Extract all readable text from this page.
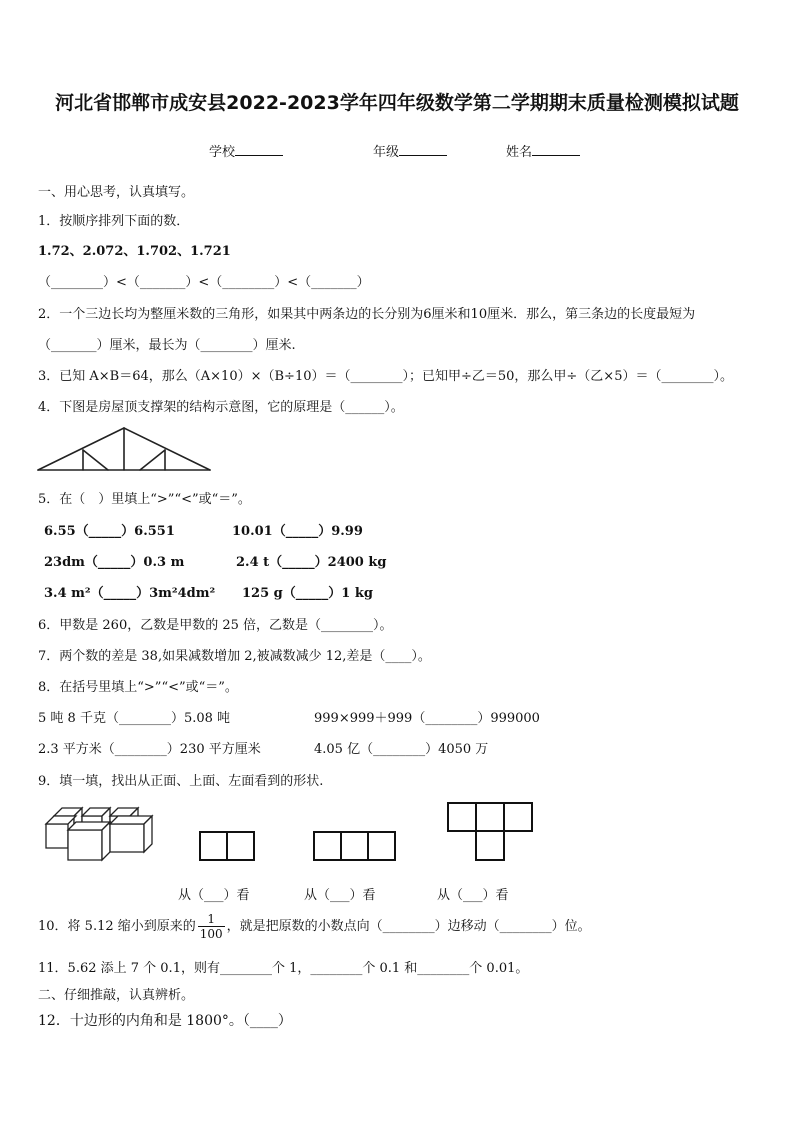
河北省邯郸市成安县2022-2023学年四年级数学第二学期期末质量检测模拟试题
学校	年级	姓名
一、用心思考，认真填写。
1．按顺序排列下面的数．
1.72、2.072、1.702、1.721
（________）<（_______）<（________）<（_______）
2．一个三边长均为整厘米数的三角形，如果其中两条边的长分别为6厘米和10厘米．那么，第三条边的长度最短为
（_______）厘米，最长为（________）厘米.
3．已知 A×B＝64，那么（A×10）×（B÷10）＝（________）；已知甲÷乙＝50，那么甲÷（乙×5）＝（________）。
4．下图是房屋顶支撑架的结构示意图，它的原理是（______）。
5．在（　）里填上“>”“<”或“＝”。
6.55（_____）6.551	10.01（_____）9.99
23dm（_____）0.3 m	2.4 t（_____）2400 kg
3.4 m²（_____）3m²4dm² 125 g（_____）1 kg
6．甲数是 260，乙数是甲数的 25 倍，乙数是（________）。
7．两个数的差是 38,如果减数增加 2,被减数减少 12,差是（____）。
8．在括号里填上“>”“<”或“＝”。
5 吨 8 千克（________）5.08 吨	999×999＋999（________）999000
2.3 平方米（________）230 平方厘米	4.05 亿（________）4050 万
9．填一填，找出从正面、上面、左面看到的形状.
从（___）看	从（___）看	从（___）看
10．将 5.12 缩小到原来的 $\frac{1}{100}$ ，就是把原数的小数点向（________）边移动（________）位。
11．5.62 添上 7 个 0.1，则有________个 1，________个 0.1 和________个 0.01。
二、仔细推敲，认真辨析。
12．十边形的内角和是 1800°。（____）
